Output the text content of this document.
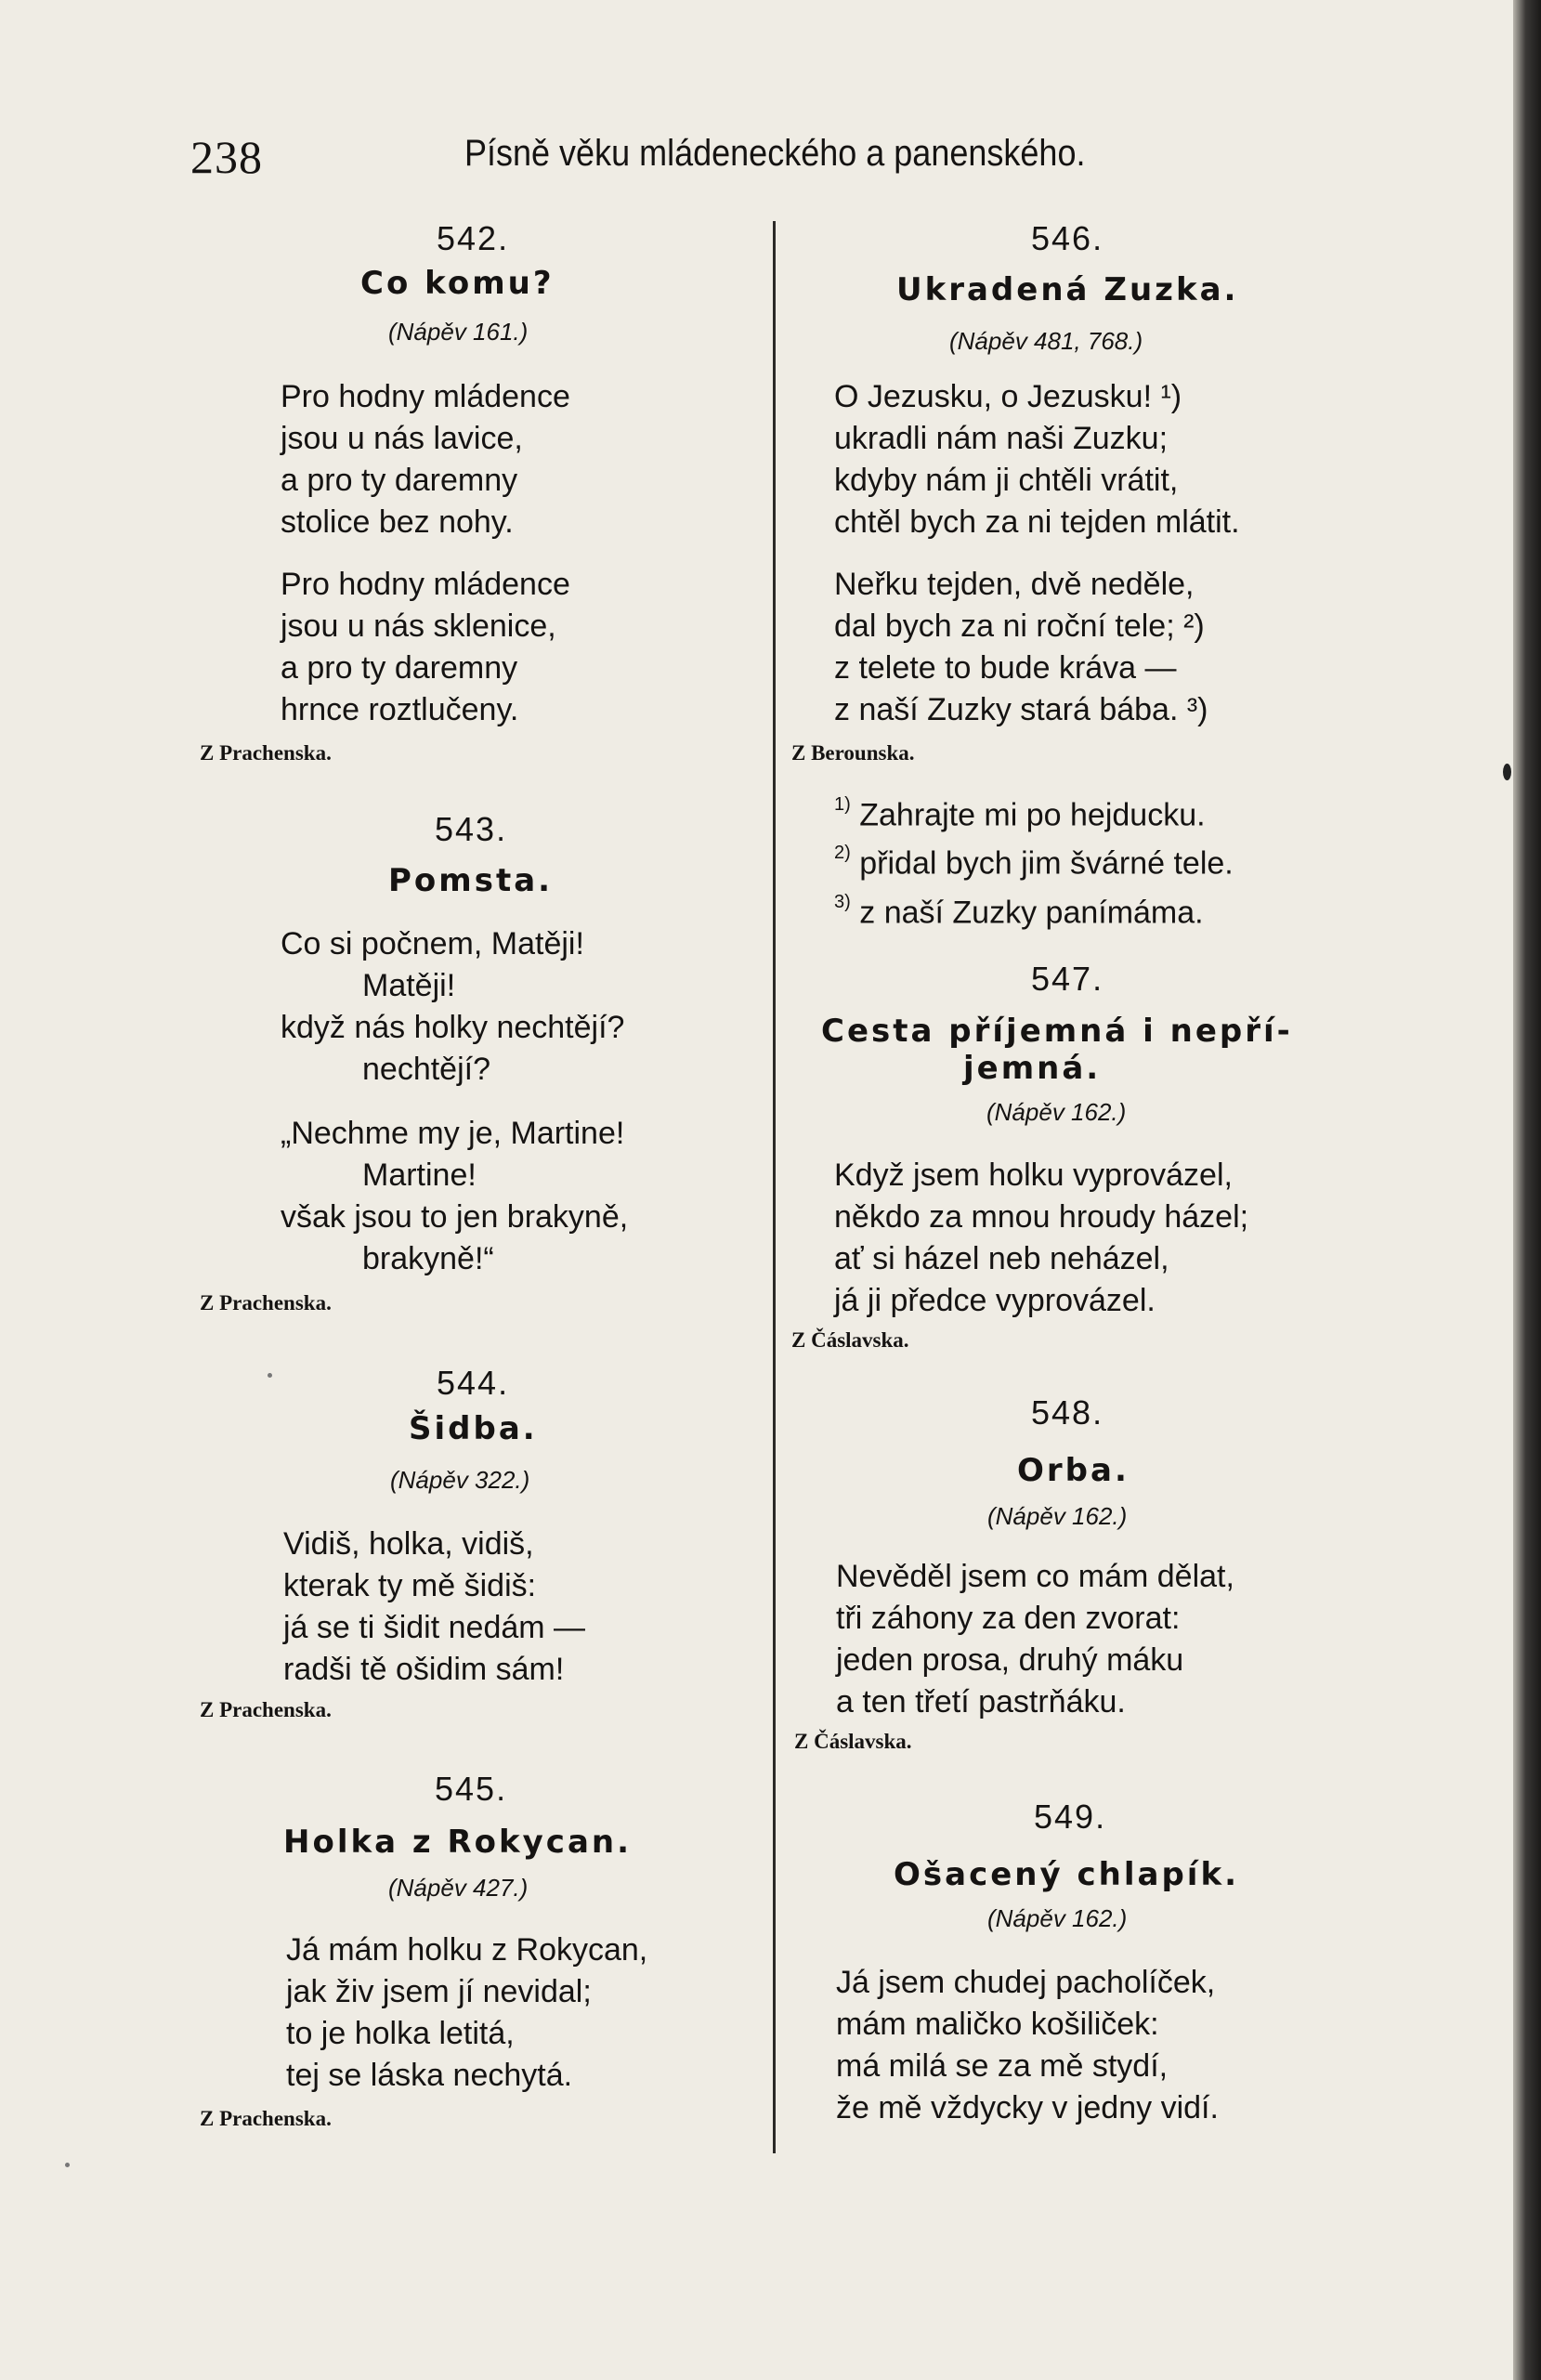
238	Písně věku mládeneckého a panenského.
542.
Co komu?
(Nápěv 161.)
Pro hodny mládence
jsou u nás lavice,
a pro ty daremny
stolice bez nohy.
Pro hodny mládence
jsou u nás sklenice,
a pro ty daremny
hrnce roztlučeny.
Z Prachenska.
543.
Pomsta.
Co si počnem, Matěji!
Matěji!
když nás holky nechtějí?
nechtějí?
„Nechme my je, Martine!
Martine!
však jsou to jen brakyně,
brakyně!“
Z Prachenska.
544.
Šidba.
(Nápěv 322.)
Vidiš, holka, vidiš,
kterak ty mě šidiš:
já se ti šidit nedám —
radši tě ošidim sám!
Z Prachenska.
545.
Holka z Rokycan.
(Nápěv 427.)
Já mám holku z Rokycan,
jak živ jsem jí nevidal;
to je holka letitá,
tej se láska nechytá.
Z Prachenska.
546.
Ukradená Zuzka.
(Nápěv 481, 768.)
O Jezusku, o Jezusku! ¹)
ukradli nám naši Zuzku;
kdyby nám ji chtěli vrátit,
chtěl bych za ni tejden mlátit.
Neřku tejden, dvě neděle,
dal bych za ni roční tele; ²)
z telete to bude kráva —
z naší Zuzky stará bába. ³)
Z Berounska.
$^{1)}$ Zahrajte mi po hejducku.
$^{2)}$ přidal bych jim švárné tele.
$^{3)}$ z naší Zuzky panímáma.
547.
Cesta příjemná i nepří-
jemná.
(Nápěv 162.)
Když jsem holku vyprovázel,
někdo za mnou hroudy házel;
ať si házel neb neházel,
já ji předce vyprovázel.
Z Čáslavska.
548.
Orba.
(Nápěv 162.)
Nevěděl jsem co mám dělat,
tři záhony za den zvorat:
jeden prosa, druhý máku
a ten třetí pastrňáku.
Z Čáslavska.
549.
Ošacený chlapík.
(Nápěv 162.)
Já jsem chudej pacholíček,
mám maličko košiliček:
má milá se za mě stydí,
že mě vždycky v jedny vidí.
